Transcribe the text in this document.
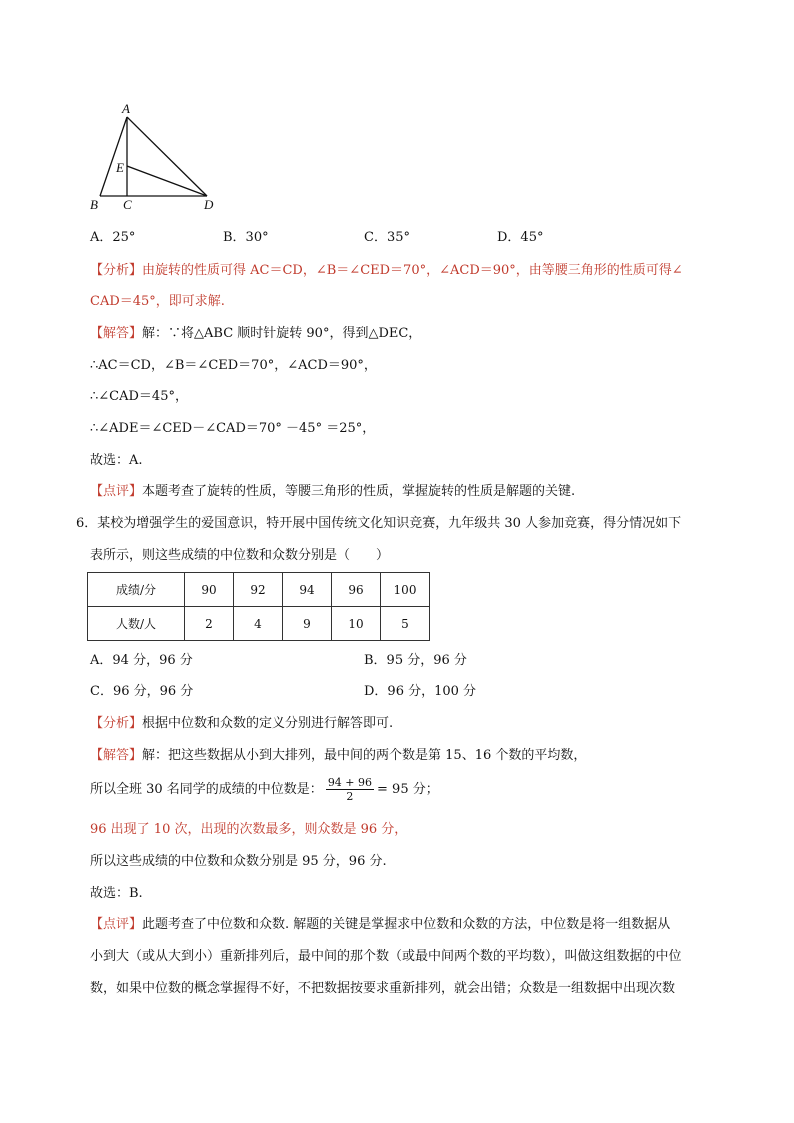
A
E
B C	D
A．25°	B．30°	C．35°	D．45°
【分析】由旋转的性质可得 AC＝CD，∠B＝∠CED＝70°，∠ACD＝90°，由等腰三角形的性质可得∠
CAD＝45°，即可求解.
【解答】解：∵将△ABC 顺时针旋转 90°，得到△DEC，
∴AC＝CD，∠B＝∠CED＝70°，∠ACD＝90°，
∴∠CAD＝45°，
∴∠ADE＝∠CED－∠CAD＝70° －45° ＝25°，
故选：A.
【点评】本题考查了旋转的性质，等腰三角形的性质，掌握旋转的性质是解题的关键.
6．某校为增强学生的爱国意识，特开展中国传统文化知识竞赛，九年级共 30 人参加竞赛，得分情况如下
表所示，则这些成绩的中位数和众数分别是（　　）
成绩/分	90	92	94	96	100
人数/人	2	4	9	10	5
A．94 分，96 分	B．95 分，96 分
C．96 分，96 分	D．96 分，100 分
【分析】根据中位数和众数的定义分别进行解答即可.
【解答】解：把这些数据从小到大排列，最中间的两个数是第 15、16 个数的平均数，
所以全班 30 名同学的成绩的中位数是： $\frac{94 + 96}{2} = 95$ 分；
96 出现了 10 次，出现的次数最多，则众数是 96 分，
所以这些成绩的中位数和众数分别是 95 分，96 分.
故选：B.
【点评】此题考查了中位数和众数. 解题的关键是掌握求中位数和众数的方法，中位数是将一组数据从
小到大（或从大到小）重新排列后，最中间的那个数（或最中间两个数的平均数），叫做这组数据的中位
数，如果中位数的概念掌握得不好，不把数据按要求重新排列，就会出错；众数是一组数据中出现次数
